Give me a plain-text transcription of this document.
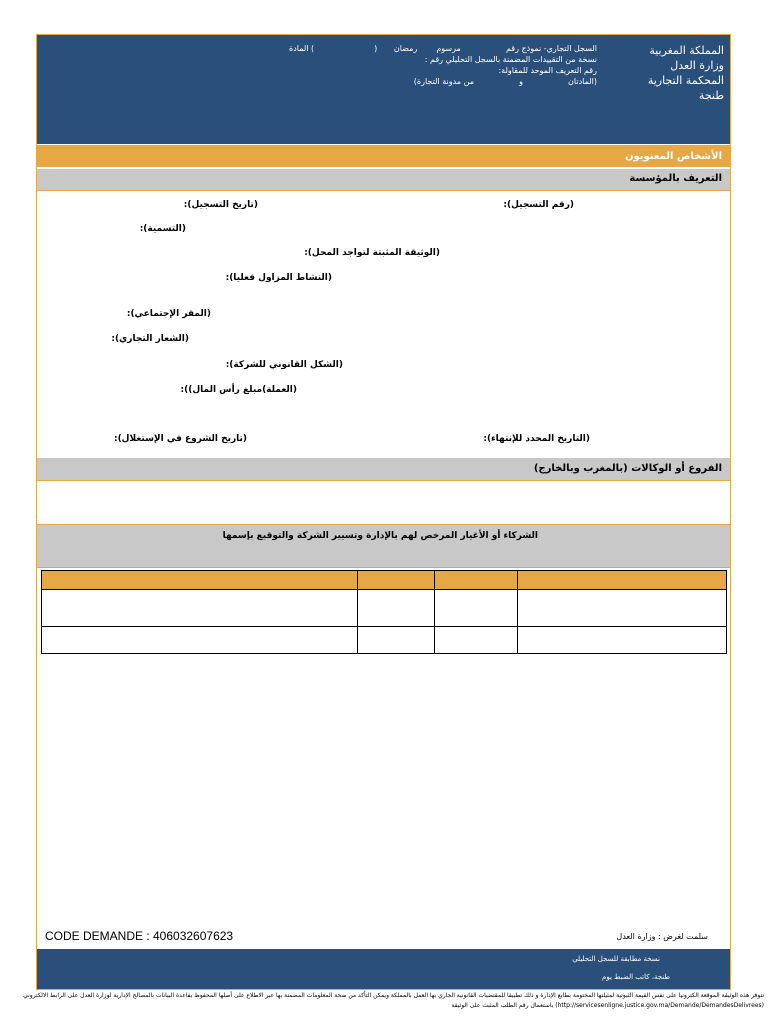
المملكة المغربية
وزارة العدل
المحكمة التجارية
طنجة
السجل التجاري- نموذج رقم  مرسوم  رمضان () المادة
نسخة من التقييدات المضمنة بالسجل التحليلي رقم :
رقم التعريف الموحد للمقاولة:
(المادتان  و  من مدونة التجارة)
الأشخاص المعنويون
التعريف بالمؤسسة
(رقم التسجيل):
(تاريخ التسجيل):
(التسمية):
(الوثيقة المثبتة لتواجد المحل):
(النشاط المزاول فعليا):
(المقر الإجتماعي):
(الشعار التجاري):
(الشكل القانوني للشركة):
(العملة)مبلغ رأس المال)):
(التاريخ المحدد للإنتهاء):
(تاريخ الشروع في الإستغلال):
الفروع أو الوكالات (بالمغرب وبالخارج)
الشركاء أو الأغيار المرخص لهم بالإدارة وتسيير الشركة والتوقيع بإسمها

CODE DEMANDE : 406032607623	سلمت لغرض : وزارة العدل
نسخة مطابقة للسجل التحليلي
طنجة، كاتب الضبط يوم
تتوفر هذه الوثيقة الموقعة الكترونيا على نفس القيمة الثبوتية لمثيلتها المختومة بطابع الإدارة و ذلك تطبيقا للمقتضيات القانونية الجاري بها العمل بالمملكة ويمكن التأكد من صحة المعلومات المضمنة بها عبر الاطلاع على أصلها المحفوظ بقاعدة البيانات بالمصالح الإدارية لوزارة العدل على الرابط الالكتروني (http://servicesenligne.justice.gov.ma/Demande/DemandesDelivrees) باستعمال رقم الطلب المثبت على الوثيقة
